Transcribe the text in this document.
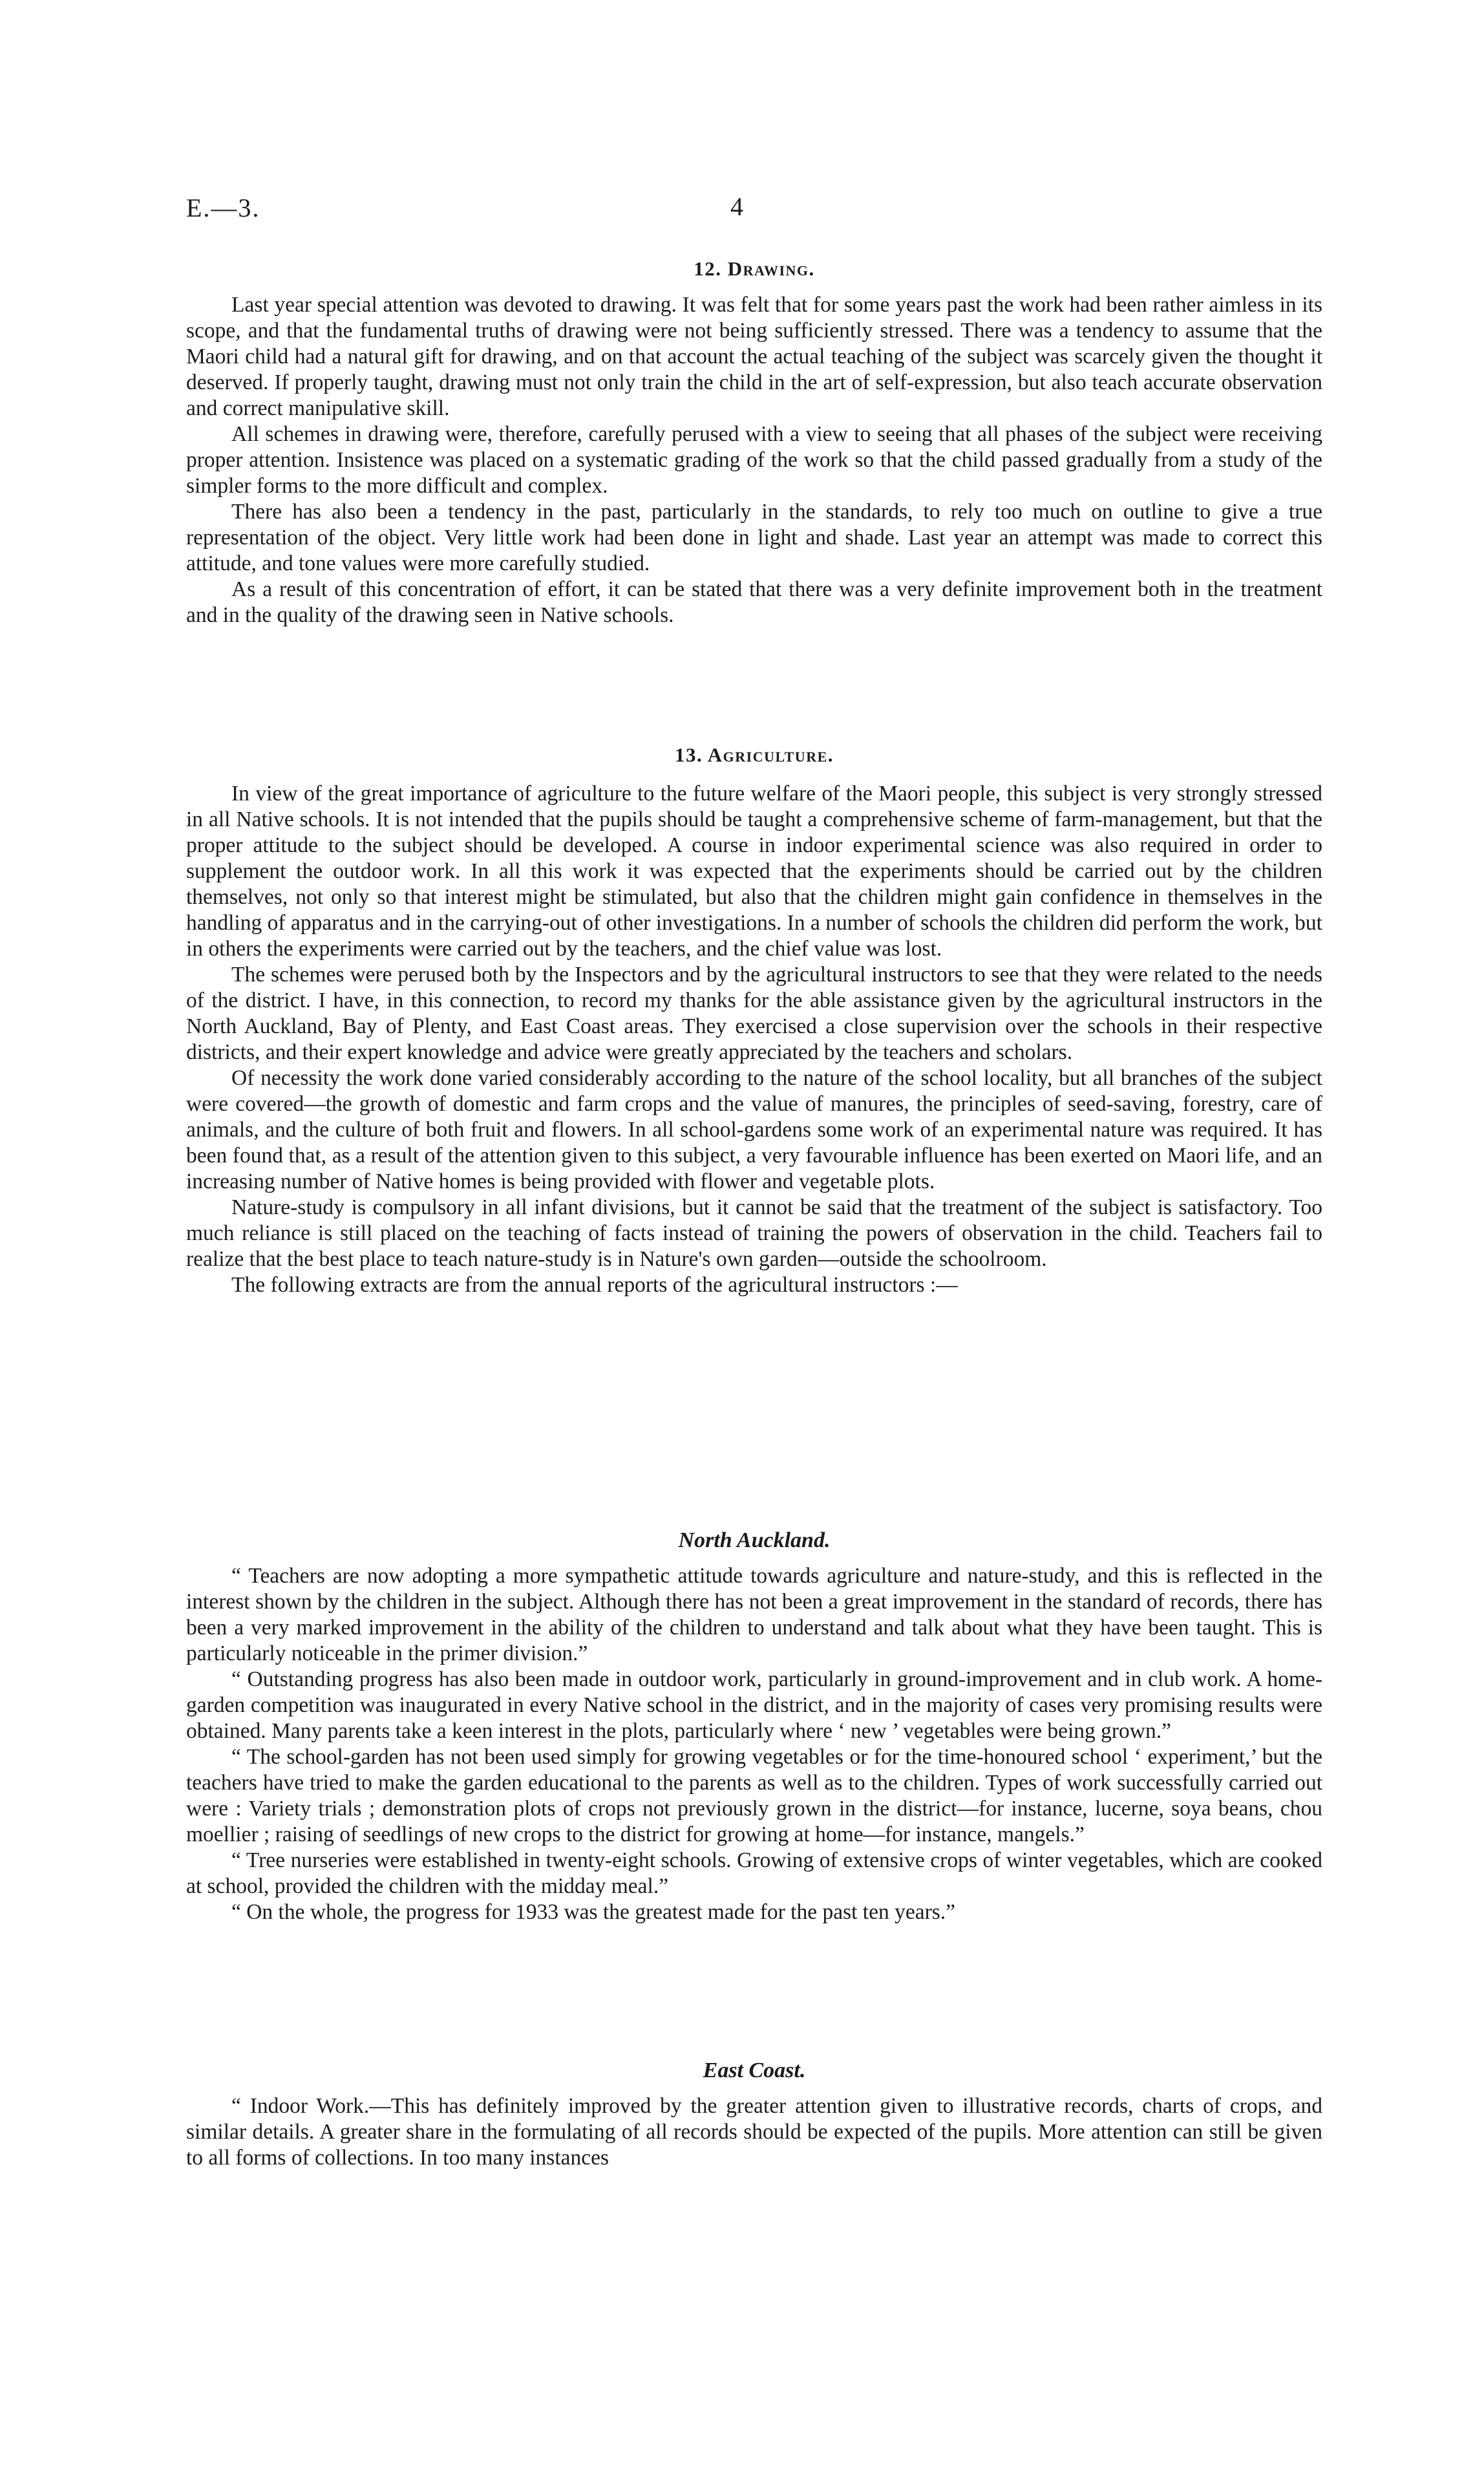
E.—3.	4
12. Drawing.

Last year special attention was devoted to drawing. It was felt that for some years past the work had been rather aimless in its scope, and that the fundamental truths of drawing were not being sufficiently stressed. There was a tendency to assume that the Maori child had a natural gift for drawing, and on that account the actual teaching of the subject was scarcely given the thought it deserved. If properly taught, drawing must not only train the child in the art of self-expression, but also teach accurate observation and correct manipulative skill.

All schemes in drawing were, therefore, carefully perused with a view to seeing that all phases of the subject were receiving proper attention. Insistence was placed on a systematic grading of the work so that the child passed gradually from a study of the simpler forms to the more difficult and complex.

There has also been a tendency in the past, particularly in the standards, to rely too much on outline to give a true representation of the object. Very little work had been done in light and shade. Last year an attempt was made to correct this attitude, and tone values were more carefully studied.

As a result of this concentration of effort, it can be stated that there was a very definite improvement both in the treatment and in the quality of the drawing seen in Native schools.

13. Agriculture.

In view of the great importance of agriculture to the future welfare of the Maori people, this subject is very strongly stressed in all Native schools. It is not intended that the pupils should be taught a comprehensive scheme of farm-management, but that the proper attitude to the subject should be developed. A course in indoor experimental science was also required in order to supplement the outdoor work. In all this work it was expected that the experiments should be carried out by the children themselves, not only so that interest might be stimulated, but also that the children might gain confidence in themselves in the handling of apparatus and in the carrying-out of other investigations. In a number of schools the children did perform the work, but in others the experiments were carried out by the teachers, and the chief value was lost.

The schemes were perused both by the Inspectors and by the agricultural instructors to see that they were related to the needs of the district. I have, in this connection, to record my thanks for the able assistance given by the agricultural instructors in the North Auckland, Bay of Plenty, and East Coast areas. They exercised a close supervision over the schools in their respective districts, and their expert knowledge and advice were greatly appreciated by the teachers and scholars.

Of necessity the work done varied considerably according to the nature of the school locality, but all branches of the subject were covered—the growth of domestic and farm crops and the value of manures, the principles of seed-saving, forestry, care of animals, and the culture of both fruit and flowers. In all school-gardens some work of an experimental nature was required. It has been found that, as a result of the attention given to this subject, a very favourable influence has been exerted on Maori life, and an increasing number of Native homes is being provided with flower and vegetable plots.

Nature-study is compulsory in all infant divisions, but it cannot be said that the treatment of the subject is satisfactory. Too much reliance is still placed on the teaching of facts instead of training the powers of observation in the child. Teachers fail to realize that the best place to teach nature-study is in Nature's own garden—outside the schoolroom.

The following extracts are from the annual reports of the agricultural instructors :—

North Auckland.

“ Teachers are now adopting a more sympathetic attitude towards agriculture and nature-study, and this is reflected in the interest shown by the children in the subject. Although there has not been a great improvement in the standard of records, there has been a very marked improvement in the ability of the children to understand and talk about what they have been taught. This is particularly noticeable in the primer division.”

“ Outstanding progress has also been made in outdoor work, particularly in ground-improvement and in club work. A home-garden competition was inaugurated in every Native school in the district, and in the majority of cases very promising results were obtained. Many parents take a keen interest in the plots, particularly where ‘ new ’ vegetables were being grown.”

“ The school-garden has not been used simply for growing vegetables or for the time-honoured school ‘ experiment,’ but the teachers have tried to make the garden educational to the parents as well as to the children. Types of work successfully carried out were : Variety trials ; demonstration plots of crops not previously grown in the district—for instance, lucerne, soya beans, chou moellier ; raising of seedlings of new crops to the district for growing at home—for instance, mangels.”

“ Tree nurseries were established in twenty-eight schools. Growing of extensive crops of winter vegetables, which are cooked at school, provided the children with the midday meal.”

“ On the whole, the progress for 1933 was the greatest made for the past ten years.”

East Coast.

“ Indoor Work.—This has definitely improved by the greater attention given to illustrative records, charts of crops, and similar details. A greater share in the formulating of all records should be expected of the pupils. More attention can still be given to all forms of collections. In too many instances
